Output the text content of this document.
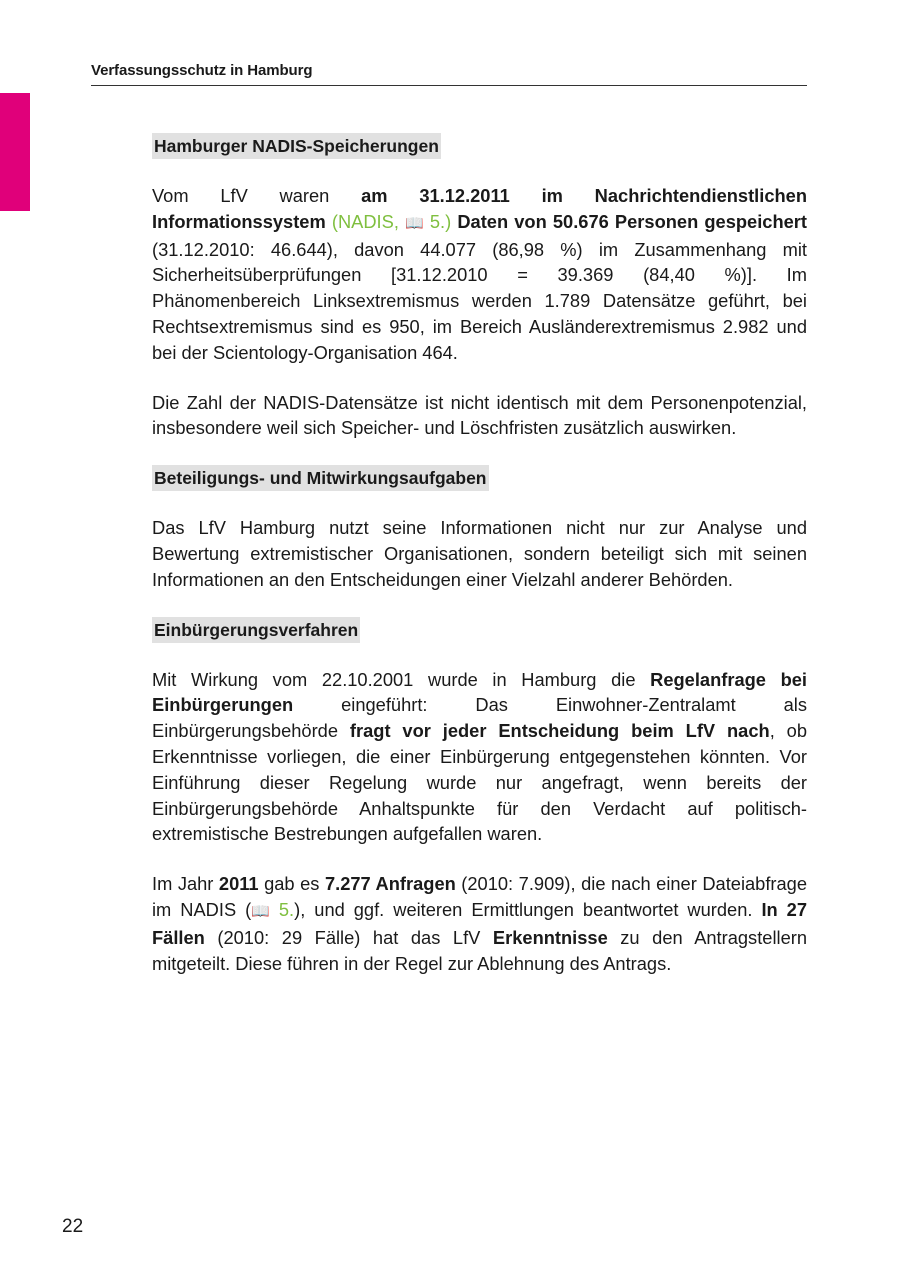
Verfassungsschutz in Hamburg
Hamburger NADIS-Speicherungen

Vom LfV waren am 31.12.2011 im Nachrichtendienstlichen Informationssystem (NADIS, 📖 5.) Daten von 50.676 Personen gespeichert (31.12.2010: 46.644), davon 44.077 (86,98 %) im Zusammenhang mit Sicherheitsüberprüfungen [31.12.2010 = 39.369 (84,40 %)]. Im Phänomenbereich Linksextremismus werden 1.789 Datensätze geführt, bei Rechtsextremismus sind es 950, im Bereich Ausländerextremismus 2.982 und bei der Scientology-Organisation 464.

Die Zahl der NADIS-Datensätze ist nicht identisch mit dem Personenpotenzial, insbesondere weil sich Speicher- und Löschfristen zusätzlich auswirken.

Beteiligungs- und Mitwirkungsaufgaben

Das LfV Hamburg nutzt seine Informationen nicht nur zur Analyse und Bewertung extremistischer Organisationen, sondern beteiligt sich mit seinen Informationen an den Entscheidungen einer Vielzahl anderer Behörden.

Einbürgerungsverfahren

Mit Wirkung vom 22.10.2001 wurde in Hamburg die Regelanfrage bei Einbürgerungen eingeführt: Das Einwohner-Zentralamt als Einbürgerungsbehörde fragt vor jeder Entscheidung beim LfV nach, ob Erkenntnisse vorliegen, die einer Einbürgerung entgegenstehen könnten. Vor Einführung dieser Regelung wurde nur angefragt, wenn bereits der Einbürgerungsbehörde Anhaltspunkte für den Verdacht auf politisch-extremistische Bestrebungen aufgefallen waren.

Im Jahr 2011 gab es 7.277 Anfragen (2010: 7.909), die nach einer Dateiabfrage im NADIS (📖 5.), und ggf. weiteren Ermittlungen beantwortet wurden. In 27 Fällen (2010: 29 Fälle) hat das LfV Erkenntnisse zu den Antragstellern mitgeteilt. Diese führen in der Regel zur Ablehnung des Antrags.

22
